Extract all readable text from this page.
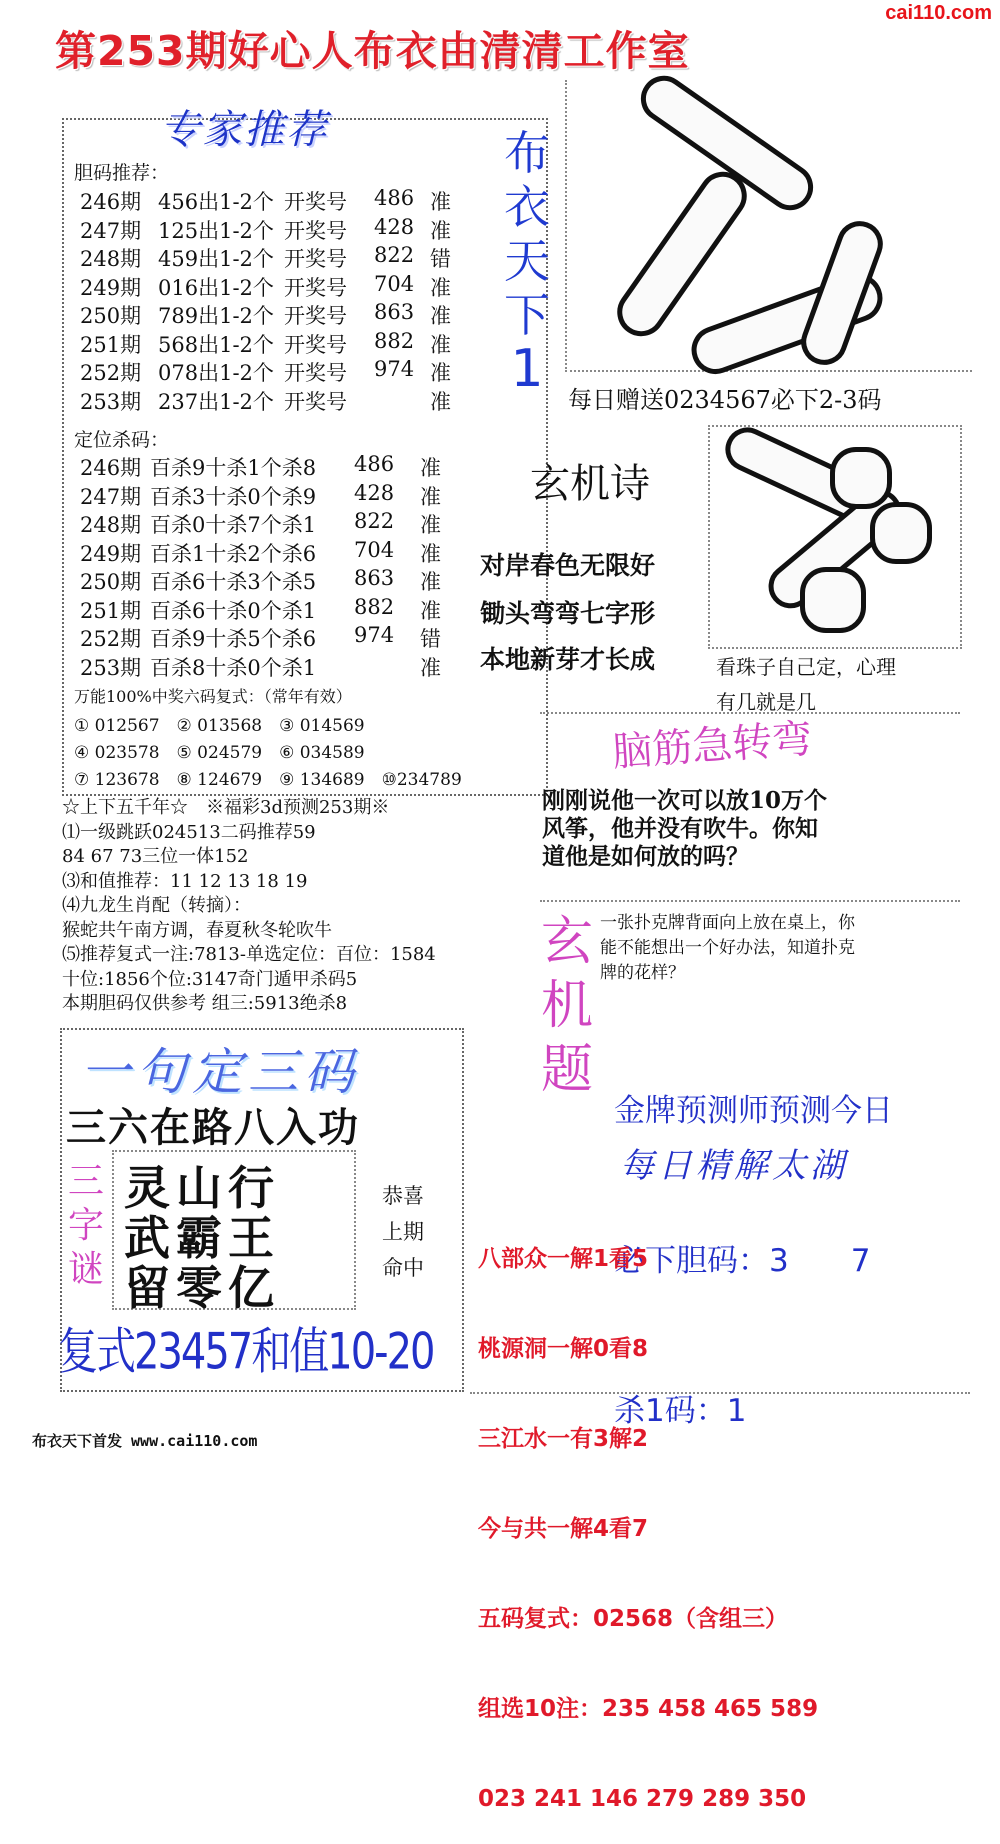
cai110.com
第253期好心人布衣由清清工作室
专家推荐
胆码推荐：
246期 456出1-2个 开奖号 486 准
247期 125出1-2个 开奖号 428 准
248期 459出1-2个 开奖号 822 错
249期 016出1-2个 开奖号 704 准
250期 789出1-2个 开奖号 863 准
251期 568出1-2个 开奖号 882 准
252期 078出1-2个 开奖号 974 准
253期 237出1-2个 开奖号	准
定位杀码：
246期 百杀9十杀1个杀8 486 准
247期 百杀3十杀0个杀9 428 准
248期 百杀0十杀7个杀1 822 准
249期 百杀1十杀2个杀6 704 准
250期 百杀6十杀3个杀5 863 准
251期 百杀6十杀0个杀1 882 准
252期 百杀9十杀5个杀6 974 错
253期 百杀8十杀0个杀1	准
万能100%中奖六码复式：（常年有效）
① 012567　② 013568　③ 014569
④ 023578　⑤ 024579　⑥ 034589
⑦ 123678　⑧ 124679　⑨ 134689　⑩234789
☆上下五千年☆　※福彩3d预测253期※
⑴一级跳跃024513二码推荐59
84 67 73三位一体152
⑶和值推荐：11 12 13 18 19
⑷九龙生肖配（转摘）：
猴蛇共午南方调，春夏秋冬轮吹牛
⑸推荐复式一注:7813-单选定位：百位：1584
十位:1856个位:3147奇门遁甲杀码5
本期胆码仅供参考 组三:5913绝杀8
布
衣
天
下
1
每日赠送0234567必下2-3码
玄机诗
对岸春色无限好
锄头弯弯七字形
本地新芽才长成	看珠子自己定，心理
有几就是几
脑筋急转弯
刚刚说他一次可以放10万个
风筝，他并没有吹牛。你知
道他是如何放的吗？
玄
机
题
一张扑克牌背面向上放在桌上，你
能不能想出一个好办法，知道扑克
牌的花样？

金牌预测师预测今日

必下胆码：3　　7

杀1码：1

每日精解太湖

八部众一解1看5

桃源洞一解0看8

三江水一有3解2

今与共一解4看7

五码复式：02568（含组三）

组选10注：235 458 465 589

023 241 146 279 289 350

一句定三码
三六在路八入功
三
字
谜
灵山行
武霸王
留零亿
恭喜
上期
命中
复式23457和值10-20
布衣天下首发 www.cai110.com
